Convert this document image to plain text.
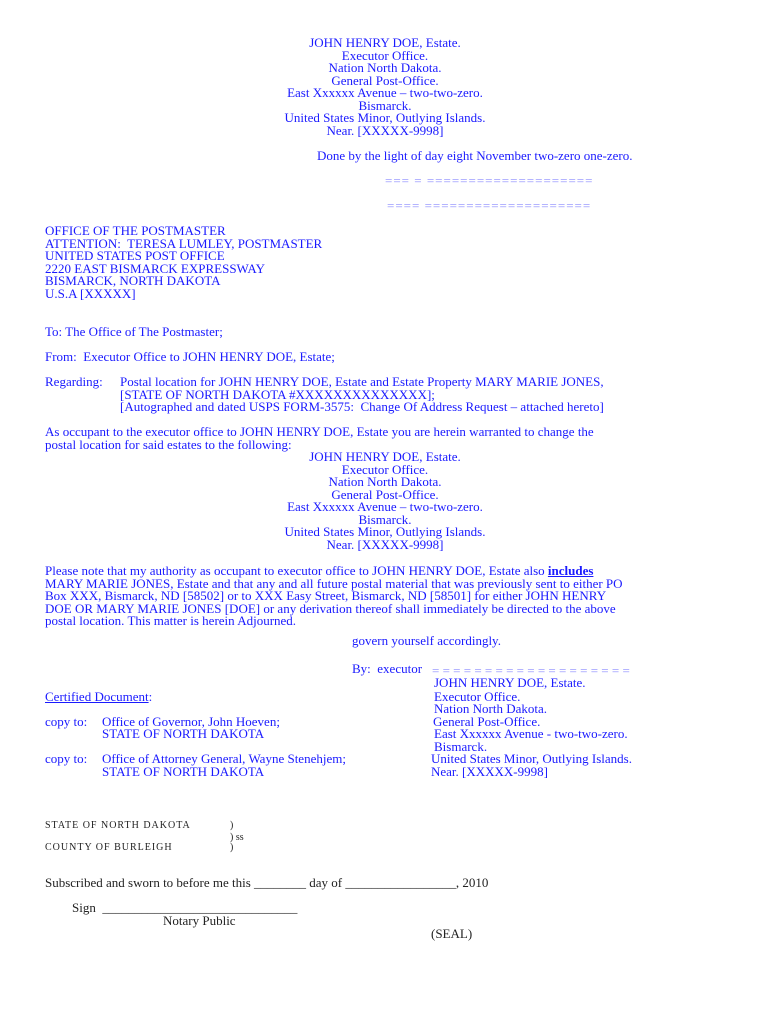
JOHN HENRY DOE, Estate.
Executor Office.
Nation North Dakota.
General Post-Office.
East Xxxxxx Avenue – two-two-zero.
Bismarck.
United States Minor, Outlying Islands.
Near. [XXXXX-9998]
Done by the light of day eight November two-zero one-zero.
=== = ====================
==== ====================
OFFICE OF THE POSTMASTER
ATTENTION:  TERESA LUMLEY, POSTMASTER
UNITED STATES POST OFFICE
2220 EAST BISMARCK EXPRESSWAY
BISMARCK, NORTH DAKOTA
U.S.A [XXXXX]
To: The Office of The Postmaster;
From:  Executor Office to JOHN HENRY DOE, Estate;
Regarding: Postal location for JOHN HENRY DOE, Estate and Estate Property MARY MARIE JONES,
[STATE OF NORTH DAKOTA #XXXXXXXXXXXXXX];
[Autographed and dated USPS FORM-3575:  Change Of Address Request – attached hereto]
As occupant to the executor office to JOHN HENRY DOE, Estate you are herein warranted to change the
postal location for said estates to the following:
JOHN HENRY DOE, Estate.
Executor Office.
Nation North Dakota.
General Post-Office.
East Xxxxxx Avenue – two-two-zero.
Bismarck.
United States Minor, Outlying Islands.
Near. [XXXXX-9998]
Please note that my authority as occupant to executor office to JOHN HENRY DOE, Estate also includes
MARY MARIE JONES, Estate and that any and all future postal material that was previously sent to either PO
Box XXX, Bismarck, ND [58502] or to XXX Easy Street, Bismarck, ND [58501] for either JOHN HENRY
DOE OR MARY MARIE JONES [DOE] or any derivation thereof shall immediately be directed to the above
postal location. This matter is herein Adjourned.
govern yourself accordingly.
By:  executor = = = = = = = = = = = = = = = = = = =
JOHN HENRY DOE, Estate.
Executor Office.
Nation North Dakota.
General Post-Office.
East Xxxxxx Avenue - two-two-zero.
Bismarck.
United States Minor, Outlying Islands.
Near. [XXXXX-9998]
Certified Document:
copy to: Office of Governor, John Hoeven;
STATE OF NORTH DAKOTA
copy to: Office of Attorney General, Wayne Stenehjem;
STATE OF NORTH DAKOTA
STATE OF NORTH DAKOTA	)
) ss
COUNTY OF BURLEIGH	)
Subscribed and sworn to before me this ________ day of _________________, 2010
Sign  ______________________________
Notary Public
(SEAL)
